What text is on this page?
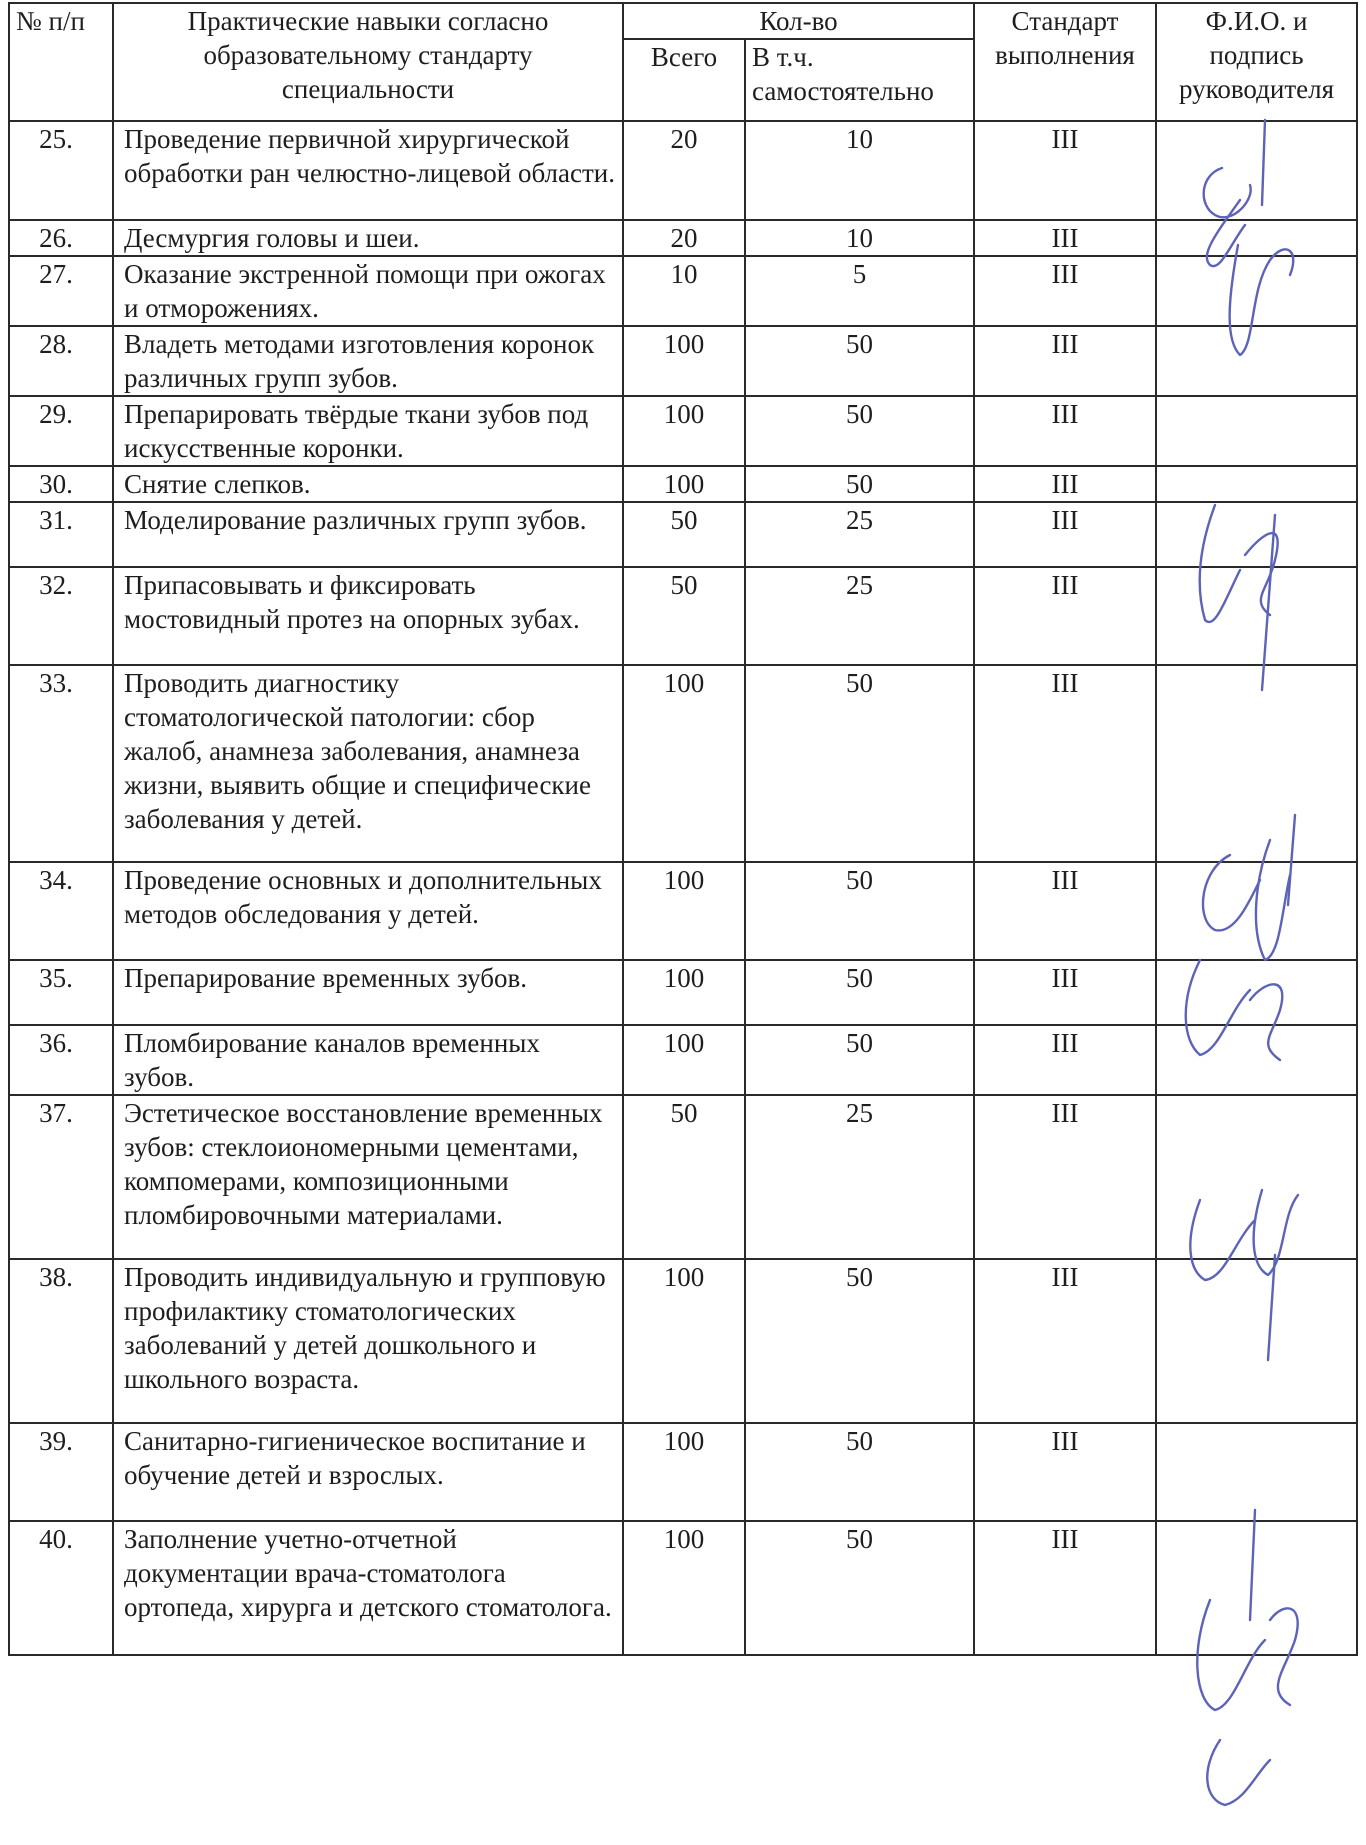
№ п/п	Практические навыки согласно образовательному стандарту специальности	Кол-во		Стандарт выполнения	Ф.И.О. и подпись руководителя
		Всего	В т.ч. самостоятельно		
25.	Проведение первичной хирургической обработки ран челюстно-лицевой области.	20	10	III	
26.	Десмургия головы и шеи.	20	10	III	
27.	Оказание экстренной помощи при ожогах и отморожениях.	10	5	III	
28.	Владеть методами изготовления коронок различных групп зубов.	100	50	III	
29.	Препарировать твёрдые ткани зубов под искусственные коронки.	100	50	III	
30.	Снятие слепков.	100	50	III	
31.	Моделирование различных групп зубов.	50	25	III	
32.	Припасовывать и фиксировать мостовидный протез на опорных зубах.	50	25	III	
33.	Проводить диагностику стоматологической патологии: сбор жалоб, анамнеза заболевания, анамнеза жизни, выявить общие и специфические заболевания у детей.	100	50	III	
34.	Проведение основных и дополнительных методов обследования у детей.	100	50	III	
35.	Препарирование временных зубов.	100	50	III	
36.	Пломбирование каналов временных зубов.	100	50	III	
37.	Эстетическое восстановление временных зубов: стеклоиономерными цементами, компомерами, композиционными пломбировочными материалами.	50	25	III	
38.	Проводить индивидуальную и групповую профилактику стоматологических заболеваний у детей дошкольного и школьного возраста.	100	50	III	
39.	Санитарно-гигиеническое воспитание и обучение детей и взрослых.	100	50	III	
40.	Заполнение учетно-отчетной документации врача-стоматолога ортопеда, хирурга и детского стоматолога.	100	50	III	
